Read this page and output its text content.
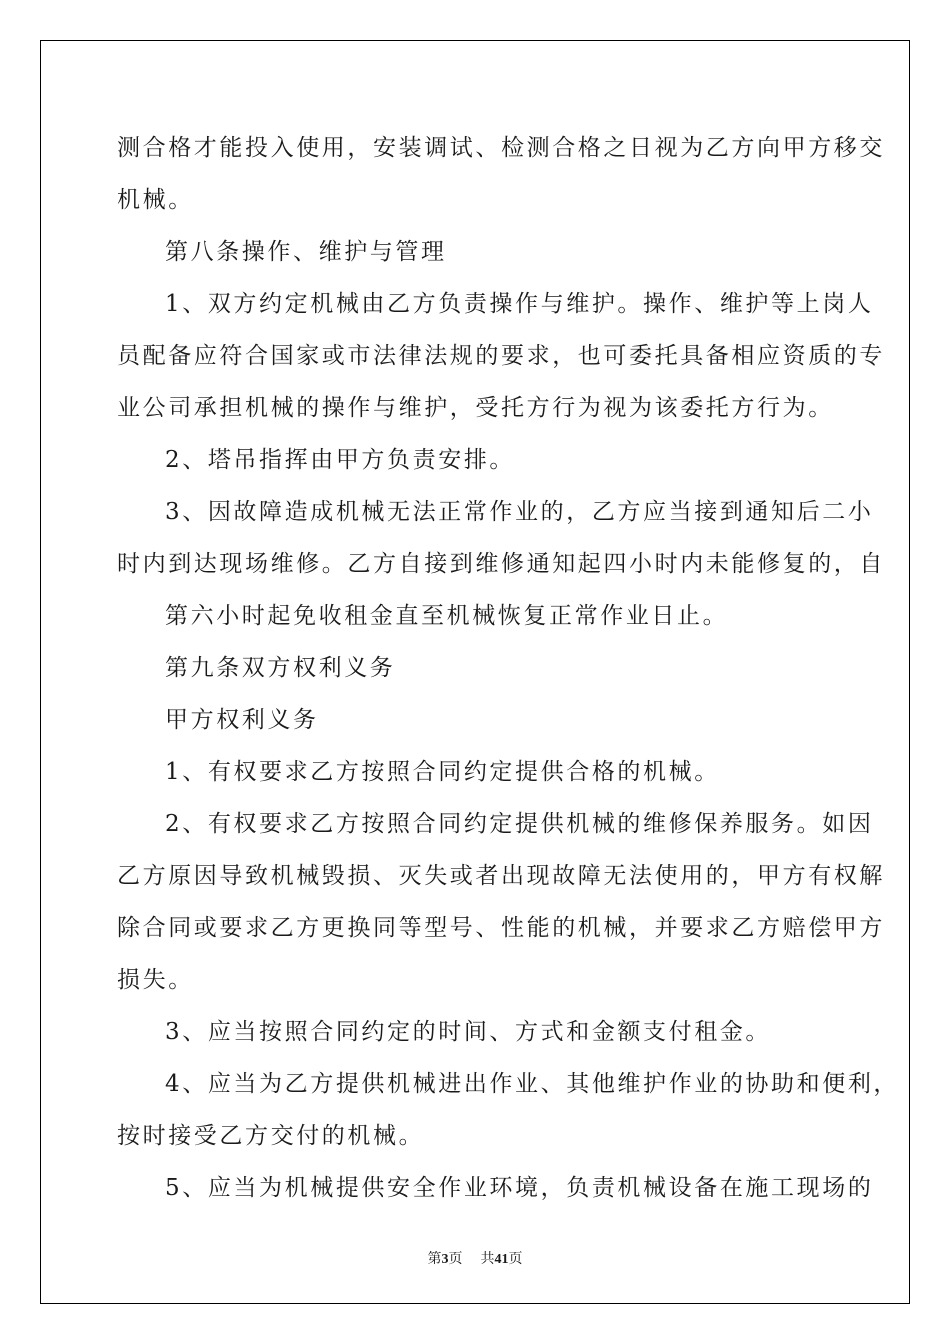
测合格才能投入使用，安装调试、检测合格之日视为乙方向甲方移交
机械。
第八条操作、维护与管理
1、双方约定机械由乙方负责操作与维护。操作、维护等上岗人
员配备应符合国家或市法律法规的要求，也可委托具备相应资质的专
业公司承担机械的操作与维护，受托方行为视为该委托方行为。
2、塔吊指挥由甲方负责安排。
3、因故障造成机械无法正常作业的，乙方应当接到通知后二小
时内到达现场维修。乙方自接到维修通知起四小时内未能修复的，自
第六小时起免收租金直至机械恢复正常作业日止。
第九条双方权利义务
甲方权利义务
1、有权要求乙方按照合同约定提供合格的机械。
2、有权要求乙方按照合同约定提供机械的维修保养服务。如因
乙方原因导致机械毁损、灭失或者出现故障无法使用的，甲方有权解
除合同或要求乙方更换同等型号、性能的机械，并要求乙方赔偿甲方
损失。
3、应当按照合同约定的时间、方式和金额支付租金。
4、应当为乙方提供机械进出作业、其他维护作业的协助和便利，
按时接受乙方交付的机械。
5、应当为机械提供安全作业环境，负责机械设备在施工现场的
第3页 共41页
